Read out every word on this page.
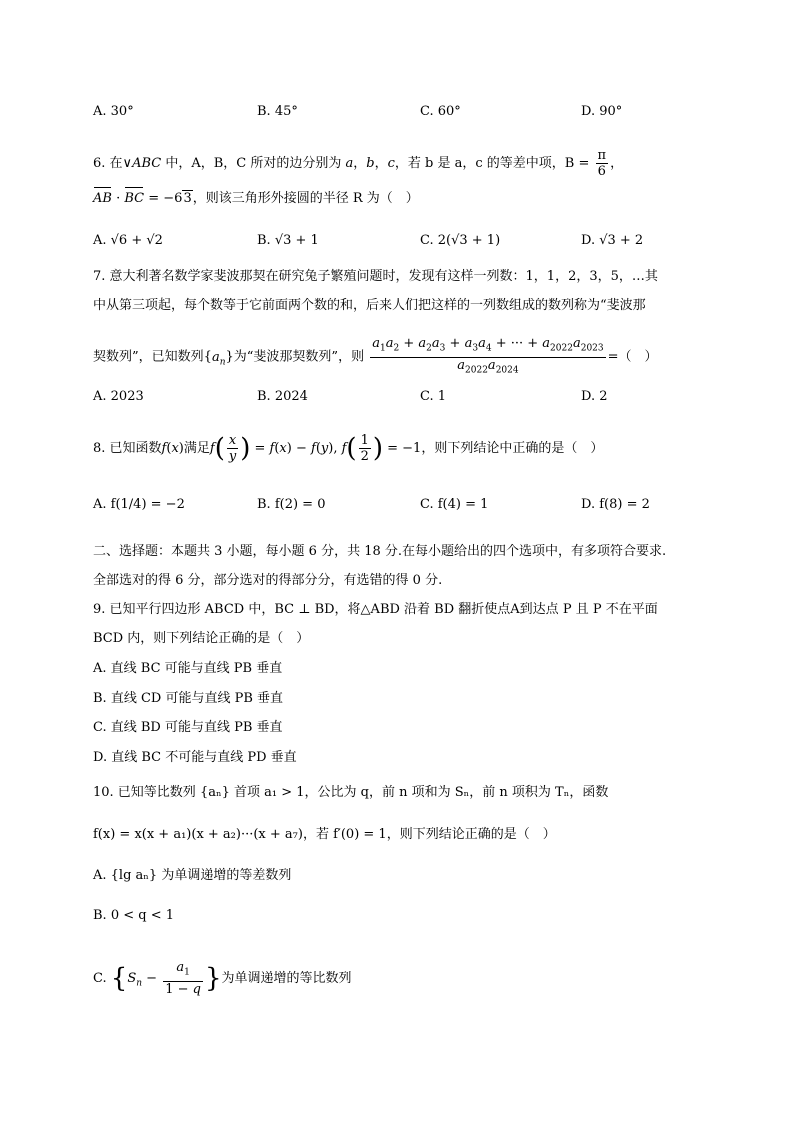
A. 30°	B. 45°	C. 60°	D. 90°
6. 在∨ABC 中，A，B，C 所对的边分别为 a，b，c，若 b 是 a，c 的等差中项，$B = \frac{\pi}{6}$ ，
AB · BC = −63，则该三角形外接圆的半径 R 为（　）
A. √6 + √2	B. √3 + 1	C. 2(√3 + 1)	D. √3 + 2
7. 意大利著名数学家斐波那契在研究兔子繁殖问题时，发现有这样一列数：1，1，2，3，5，…其
中从第三项起，每个数等于它前面两个数的和，后来人们把这样的一列数组成的数列称为“斐波那
契数列”，已知数列$\{a_n\}$为“斐波那契数列”，则 $\frac{a_1a_2 + a_2a_3 + a_3a_4 + \cdot\cdot\cdot + a_{2022}a_{2023}}{a_{2022}a_{2024}}$ =（　）
A. 2023	B. 2024	C. 1	D. 2
8. 已知函数f(x)满足$f( \frac{x}{y}$ ) = f(x) − f(y), $f( \frac{1}{2}$ ) = −1，则下列结论中正确的是（　）
A. f(1/4) = −2	B. f(2) = 0	C. f(4) = 1	D. f(8) = 2
二、选择题：本题共 3 小题，每小题 6 分，共 18 分.在每小题给出的四个选项中，有多项符合要求.
全部选对的得 6 分，部分选对的得部分分，有选错的得 0 分.
9. 已知平行四边形 ABCD 中，BC ⊥ BD，将△ABD 沿着 BD 翻折使点A到达点 P 且 P 不在平面
BCD 内，则下列结论正确的是（　）
A. 直线 BC 可能与直线 PB 垂直
B. 直线 CD 可能与直线 PB 垂直
C. 直线 BD 可能与直线 PB 垂直
D. 直线 BC 不可能与直线 PD 垂直
10. 已知等比数列 {aₙ} 首项 a₁ > 1，公比为 q，前 n 项和为 Sₙ，前 n 项积为 Tₙ，函数
f(x) = x(x + a₁)(x + a₂)···(x + a₇)，若 f′(0) = 1，则下列结论正确的是（　）
A. {lg aₙ} 为单调递增的等差数列
B. 0 < q < 1
C. {$S_n - \frac{a_1}{1 - q}$ }为单调递增的等比数列
